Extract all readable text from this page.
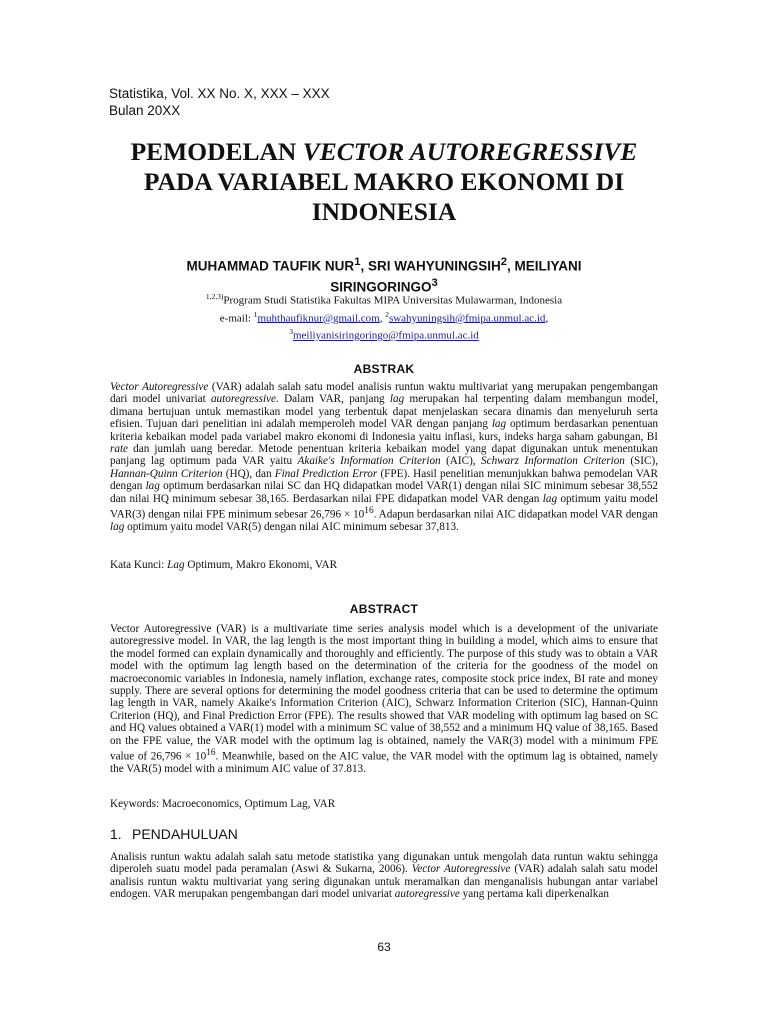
Statistika, Vol. XX No. X, XXX – XXX
Bulan 20XX
PEMODELAN VECTOR AUTOREGRESSIVE
PADA VARIABEL MAKRO EKONOMI DI INDONESIA
MUHAMMAD TAUFIK NUR$^1$, SRI WAHYUNINGSIH$^2$, MEILIYANI SIRINGORINGO$^3$
$^{1,2,3)}$Program Studi Statistika Fakultas MIPA Universitas Mulawarman, Indonesia
e-mail: $^1$muhthaufiknur@gmail.com, $^2$swahyuningsih@fmipa.unmul.ac.id,
$^3$meiliyanisiringoringo@fmipa.unmul.ac.id
ABSTRAK
Vector Autoregressive (VAR) adalah salah satu model analisis runtun waktu multivariat yang merupakan pengembangan dari model univariat autoregressive. Dalam VAR, panjang lag merupakan hal terpenting dalam membangun model, dimana bertujuan untuk memastikan model yang terbentuk dapat menjelaskan secara dinamis dan menyeluruh serta efisien. Tujuan dari penelitian ini adalah memperoleh model VAR dengan panjang lag optimum berdasarkan penentuan kriteria kebaikan model pada variabel makro ekonomi di Indonesia yaitu inflasi, kurs, indeks harga saham gabungan, BI rate dan jumlah uang beredar. Metode penentuan kriteria kebaikan model yang dapat digunakan untuk menentukan panjang lag optimum pada VAR yaitu Akaike's Information Criterion (AIC), Schwarz Information Criterion (SIC), Hannan-Quinn Criterion (HQ), dan Final Prediction Error (FPE). Hasil penelitian menunjukkan bahwa pemodelan VAR dengan lag optimum berdasarkan nilai SC dan HQ didapatkan model VAR(1) dengan nilai SIC minimum sebesar 38,552 dan nilai HQ minimum sebesar 38,165. Berdasarkan nilai FPE didapatkan model VAR dengan lag optimum yaitu model VAR(3) dengan nilai FPE minimum sebesar $26,796 \times 10^{16}$. Adapun berdasarkan nilai AIC didapatkan model VAR dengan lag optimum yaitu model VAR(5) dengan nilai AIC minimum sebesar 37,813.
Kata Kunci: Lag Optimum, Makro Ekonomi, VAR
ABSTRACT
Vector Autoregressive (VAR) is a multivariate time series analysis model which is a development of the univariate autoregressive model. In VAR, the lag length is the most important thing in building a model, which aims to ensure that the model formed can explain dynamically and thoroughly and efficiently. The purpose of this study was to obtain a VAR model with the optimum lag length based on the determination of the criteria for the goodness of the model on macroeconomic variables in Indonesia, namely inflation, exchange rates, composite stock price index, BI rate and money supply. There are several options for determining the model goodness criteria that can be used to determine the optimum lag length in VAR, namely Akaike's Information Criterion (AIC), Schwarz Information Criterion (SIC), Hannan-Quinn Criterion (HQ), and Final Prediction Error (FPE). The results showed that VAR modeling with optimum lag based on SC and HQ values obtained a VAR(1) model with a minimum SC value of 38,552 and a minimum HQ value of 38,165. Based on the FPE value, the VAR model with the optimum lag is obtained, namely the VAR(3) model with a minimum FPE value of $26,796 \times 10^{16}$. Meanwhile, based on the AIC value, the VAR model with the optimum lag is obtained, namely the VAR(5) model with a minimum AIC value of 37.813.
Keywords: Macroeconomics, Optimum Lag, VAR
1. PENDAHULUAN
Analisis runtun waktu adalah salah satu metode statistika yang digunakan untuk mengolah data runtun waktu sehingga diperoleh suatu model pada peramalan (Aswi & Sukarna, 2006). Vector Autoregressive (VAR) adalah salah satu model analisis runtun waktu multivariat yang sering digunakan untuk meramalkan dan menganalisis hubungan antar variabel endogen. VAR merupakan pengembangan dari model univariat autoregressive yang pertama kali diperkenalkan
63
